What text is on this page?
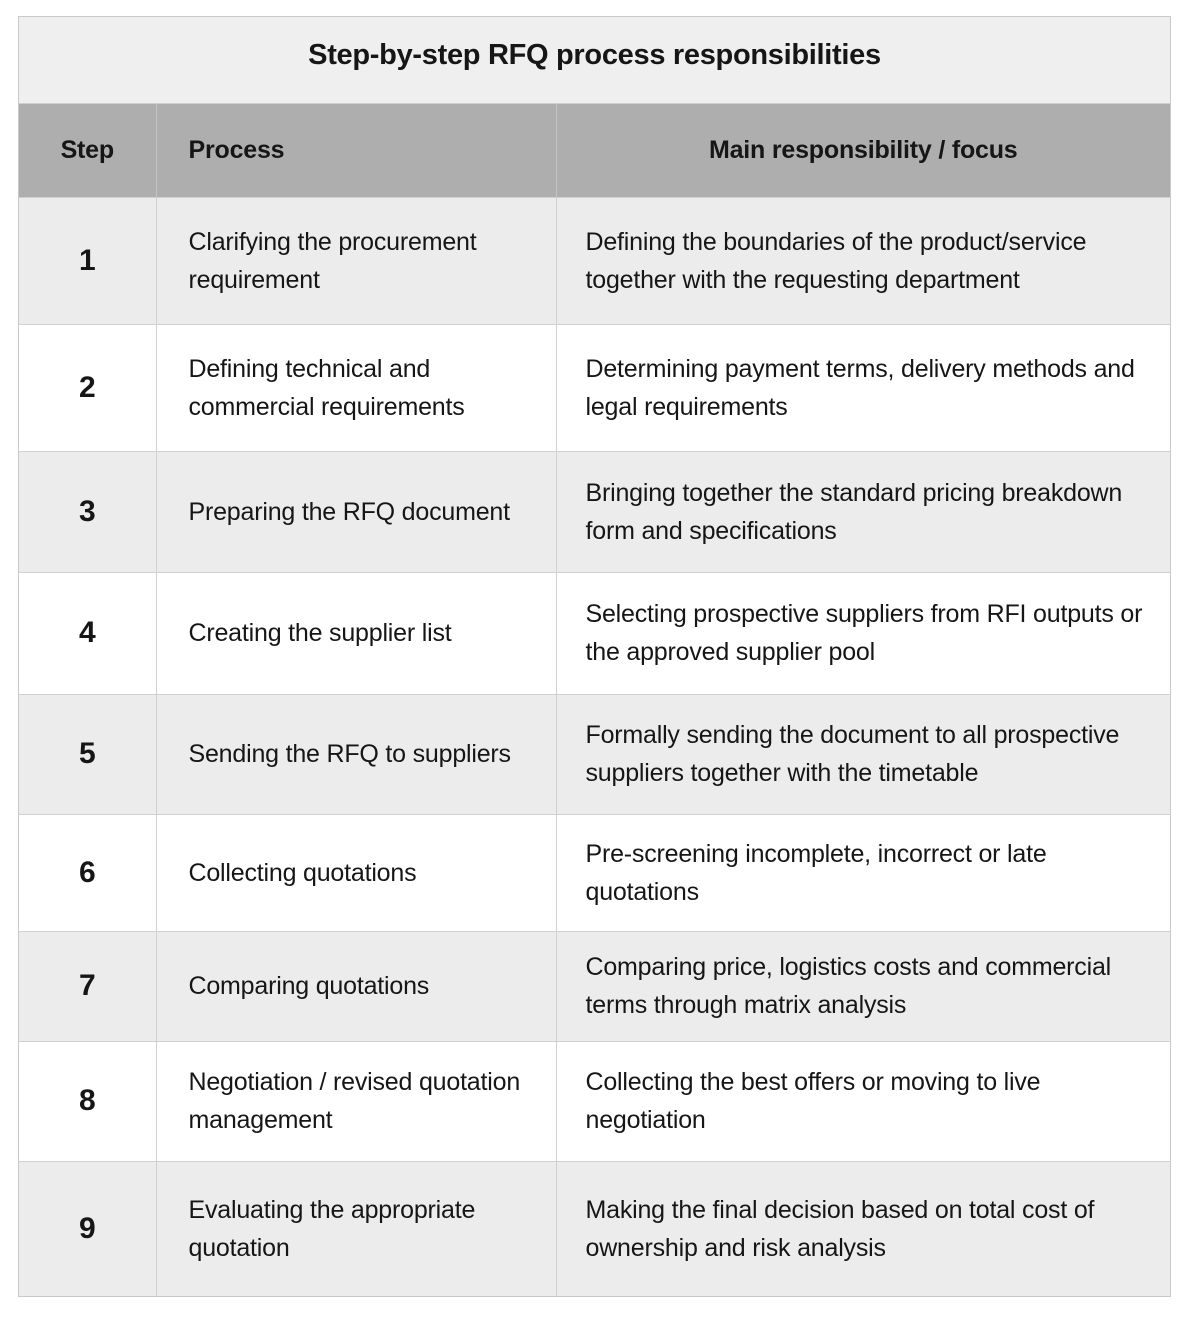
Step-by-step RFQ process responsibilities
Step	Process	Main responsibility / focus
1	Clarifying the procurement requirement	Defining the boundaries of the product/service together with the requesting department
2	Defining technical and commercial requirements	Determining payment terms, delivery methods and legal requirements
3	Preparing the RFQ document	Bringing together the standard pricing breakdown form and specifications
4	Creating the supplier list	Selecting prospective suppliers from RFI outputs or the approved supplier pool
5	Sending the RFQ to suppliers	Formally sending the document to all prospective suppliers together with the timetable
6	Collecting quotations	Pre-screening incomplete, incorrect or late quotations
7	Comparing quotations	Comparing price, logistics costs and commercial terms through matrix analysis
8	Negotiation / revised quotation management	Collecting the best offers or moving to live negotiation
9	Evaluating the appropriate quotation	Making the final decision based on total cost of ownership and risk analysis
